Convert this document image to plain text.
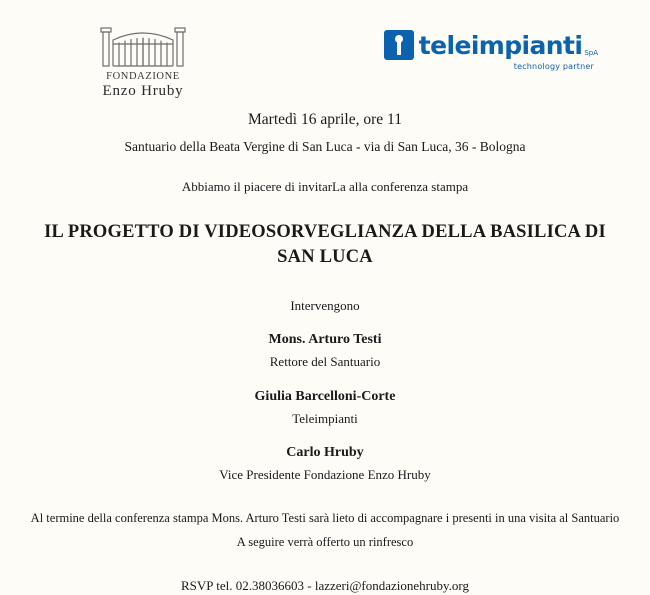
FONDAZIONE
Enzo Hruby
teleimpianti SpA
technology partner
Martedì 16 aprile, ore 11
Santuario della Beata Vergine di San Luca - via di San Luca, 36 - Bologna
Abbiamo il piacere di invitarLa alla conferenza stampa
IL PROGETTO DI VIDEOSORVEGLIANZA DELLA BASILICA DI SAN LUCA
Intervengono
Mons. Arturo Testi
Rettore del Santuario
Giulia Barcelloni-Corte
Teleimpianti
Carlo Hruby
Vice Presidente Fondazione Enzo Hruby
Al termine della conferenza stampa Mons. Arturo Testi sarà lieto di accompagnare i presenti in una visita al Santuario
A seguire verrà offerto un rinfresco
RSVP tel. 02.38036603 - lazzeri@fondazionehruby.org
